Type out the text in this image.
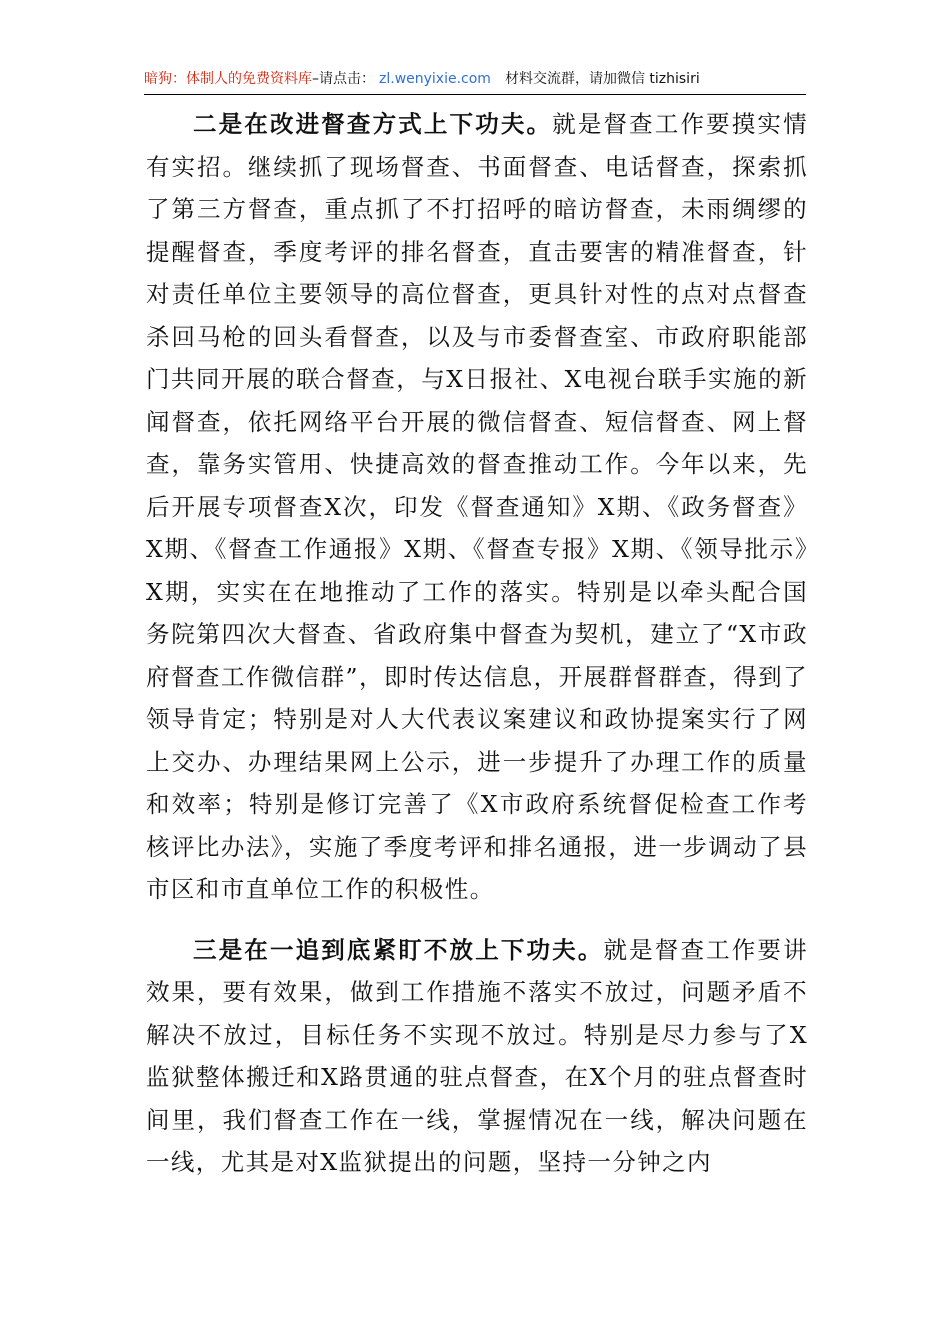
暗狗：体制人的免费资料库–请点击： zl.wenyixie.com 材料交流群，请加微信 tizhisiri

二是在改进督查方式上下功夫。就是督查工作要摸实情有实招。继续抓了现场督查、书面督查、电话督查，探索抓了第三方督查，重点抓了不打招呼的暗访督查，未雨绸缪的提醒督查，季度考评的排名督查，直击要害的精准督查，针对责任单位主要领导的高位督查，更具针对性的点对点督查杀回马枪的回头看督查，以及与市委督查室、市政府职能部门共同开展的联合督查，与X日报社、X电视台联手实施的新闻督查，依托网络平台开展的微信督查、短信督查、网上督查，靠务实管用、快捷高效的督查推动工作。今年以来，先后开展专项督查X次，印发《督查通知》X期、《政务督查》X期、《督查工作通报》X期、《督查专报》X期、《领导批示》X期，实实在在地推动了工作的落实。特别是以牵头配合国务院第四次大督查、省政府集中督查为契机，建立了“X市政府督查工作微信群”，即时传达信息，开展群督群查，得到了领导肯定；特别是对人大代表议案建议和政协提案实行了网上交办、办理结果网上公示，进一步提升了办理工作的质量和效率；特别是修订完善了《X市政府系统督促检查工作考核评比办法》，实施了季度考评和排名通报，进一步调动了县市区和市直单位工作的积极性。

三是在一追到底紧盯不放上下功夫。就是督查工作要讲效果，要有效果，做到工作措施不落实不放过，问题矛盾不解决不放过，目标任务不实现不放过。特别是尽力参与了X监狱整体搬迁和X路贯通的驻点督查，在X个月的驻点督查时间里，我们督查工作在一线，掌握情况在一线，解决问题在一线，尤其是对X监狱提出的问题，坚持一分钟之内
